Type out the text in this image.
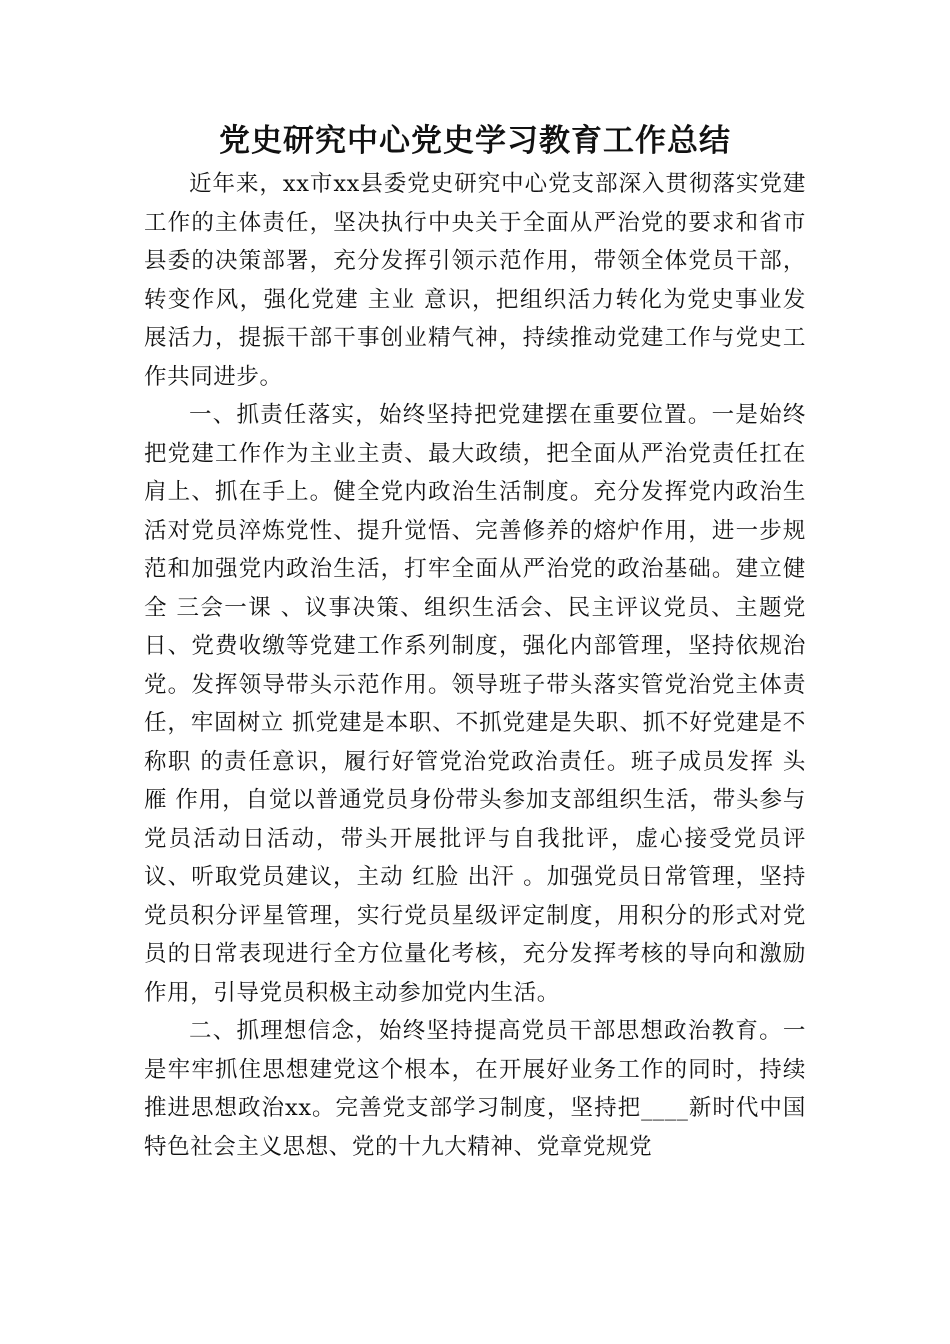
党史研究中心党史学习教育工作总结

近年来，xx市xx县委党史研究中心党支部深入贯彻落实党建工作的主体责任，坚决执行中央关于全面从严治党的要求和省市县委的决策部署，充分发挥引领示范作用，带领全体党员干部，转变作风，强化党建 主业 意识，把组织活力转化为党史事业发展活力，提振干部干事创业精气神，持续推动党建工作与党史工作共同进步。

一、抓责任落实，始终坚持把党建摆在重要位置。一是始终把党建工作作为主业主责、最大政绩，把全面从严治党责任扛在肩上、抓在手上。健全党内政治生活制度。充分发挥党内政治生活对党员淬炼党性、提升觉悟、完善修养的熔炉作用，进一步规范和加强党内政治生活，打牢全面从严治党的政治基础。建立健全 三会一课 、议事决策、组织生活会、民主评议党员、主题党日、党费收缴等党建工作系列制度，强化内部管理，坚持依规治党。发挥领导带头示范作用。领导班子带头落实管党治党主体责任，牢固树立 抓党建是本职、不抓党建是失职、抓不好党建是不称职 的责任意识，履行好管党治党政治责任。班子成员发挥 头雁 作用，自觉以普通党员身份带头参加支部组织生活，带头参与党员活动日活动，带头开展批评与自我批评，虚心接受党员评议、听取党员建议，主动 红脸 出汗 。加强党员日常管理，坚持党员积分评星管理，实行党员星级评定制度，用积分的形式对党员的日常表现进行全方位量化考核，充分发挥考核的导向和激励作用，引导党员积极主动参加党内生活。

二、抓理想信念，始终坚持提高党员干部思想政治教育。一是牢牢抓住思想建党这个根本，在开展好业务工作的同时，持续推进思想政治xx。完善党支部学习制度，坚持把____新时代中国特色社会主义思想、党的十九大精神、党章党规党
